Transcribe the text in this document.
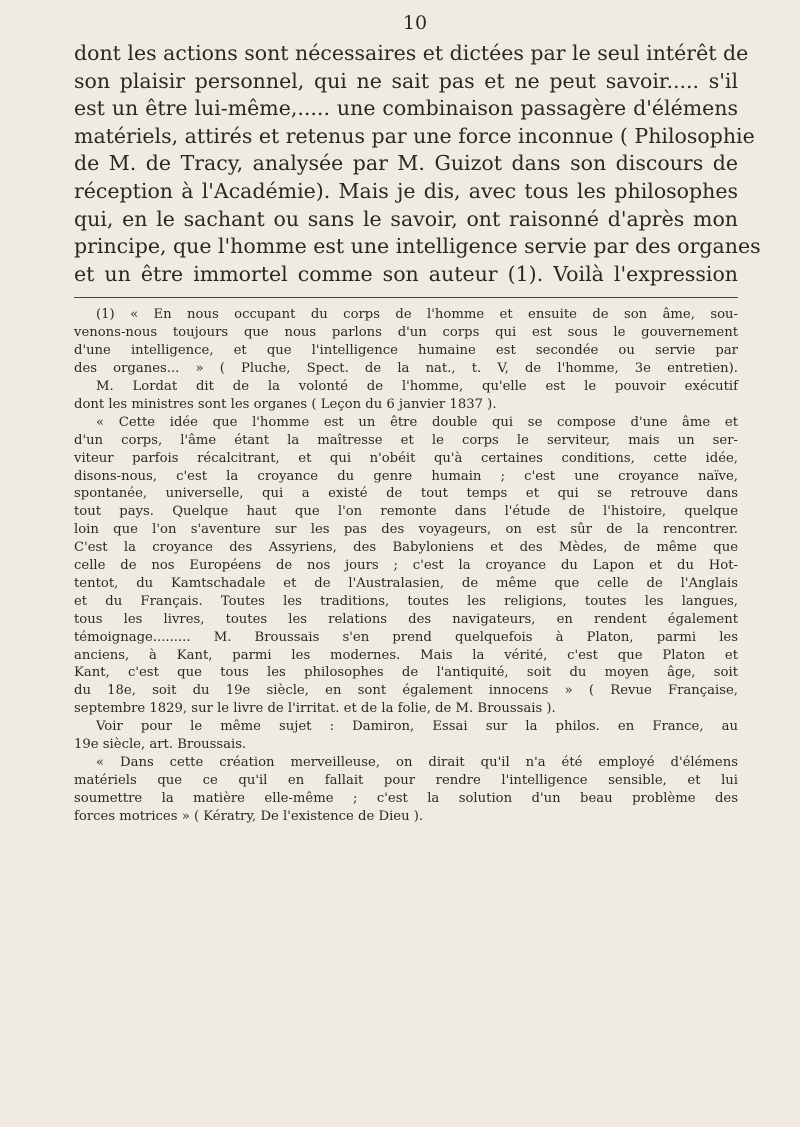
10
dont les actions sont nécessaires et dictées par le seul intérêt de
son plaisir personnel, qui ne sait pas et ne peut savoir..... s'il
est un être lui-même,..... une combinaison passagère d'élémens
matériels, attirés et retenus par une force inconnue ( Philosophie
de M. de Tracy, analysée par M. Guizot dans son discours de
réception à l'Académie). Mais je dis, avec tous les philosophes
qui, en le sachant ou sans le savoir, ont raisonné d'après mon
principe, que l'homme est une intelligence servie par des organes
et un être immortel comme son auteur (1). Voilà l'expression
(1) « En nous occupant du corps de l'homme et ensuite de son âme, sou-
venons-nous toujours que nous parlons d'un corps qui est sous le gouvernement
d'une intelligence, et que l'intelligence humaine est secondée ou servie par
des organes... » ( Pluche, Spect. de la nat., t. V, de l'homme, 3e entretien).
M. Lordat dit de la volonté de l'homme, qu'elle est le pouvoir exécutif
dont les ministres sont les organes ( Leçon du 6 janvier 1837 ).
« Cette idée que l'homme est un être double qui se compose d'une âme et
d'un corps, l'âme étant la maîtresse et le corps le serviteur, mais un ser-
viteur parfois récalcitrant, et qui n'obéit qu'à certaines conditions, cette idée,
disons-nous, c'est la croyance du genre humain ; c'est une croyance naïve,
spontanée, universelle, qui a existé de tout temps et qui se retrouve dans
tout pays. Quelque haut que l'on remonte dans l'étude de l'histoire, quelque
loin que l'on s'aventure sur les pas des voyageurs, on est sûr de la rencontrer.
C'est la croyance des Assyriens, des Babyloniens et des Mèdes, de même que
celle de nos Européens de nos jours ; c'est la croyance du Lapon et du Hot-
tentot, du Kamtschadale et de l'Australasien, de même que celle de l'Anglais
et du Français. Toutes les traditions, toutes les religions, toutes les langues,
tous les livres, toutes les relations des navigateurs, en rendent également
témoignage......... M. Broussais s'en prend quelquefois à Platon, parmi les
anciens, à Kant, parmi les modernes. Mais la vérité, c'est que Platon et
Kant, c'est que tous les philosophes de l'antiquité, soit du moyen âge, soit
du 18e, soit du 19e siècle, en sont également innocens » ( Revue Française,
septembre 1829, sur le livre de l'irritat. et de la folie, de M. Broussais ).
Voir pour le même sujet : Damiron, Essai sur la philos. en France, au
19e siècle, art. Broussais.
« Dans cette création merveilleuse, on dirait qu'il n'a été employé d'élémens
matériels que ce qu'il en fallait pour rendre l'intelligence sensible, et lui
soumettre la matière elle-même ; c'est la solution d'un beau problème des
forces motrices » ( Kératry, De l'existence de Dieu ).
